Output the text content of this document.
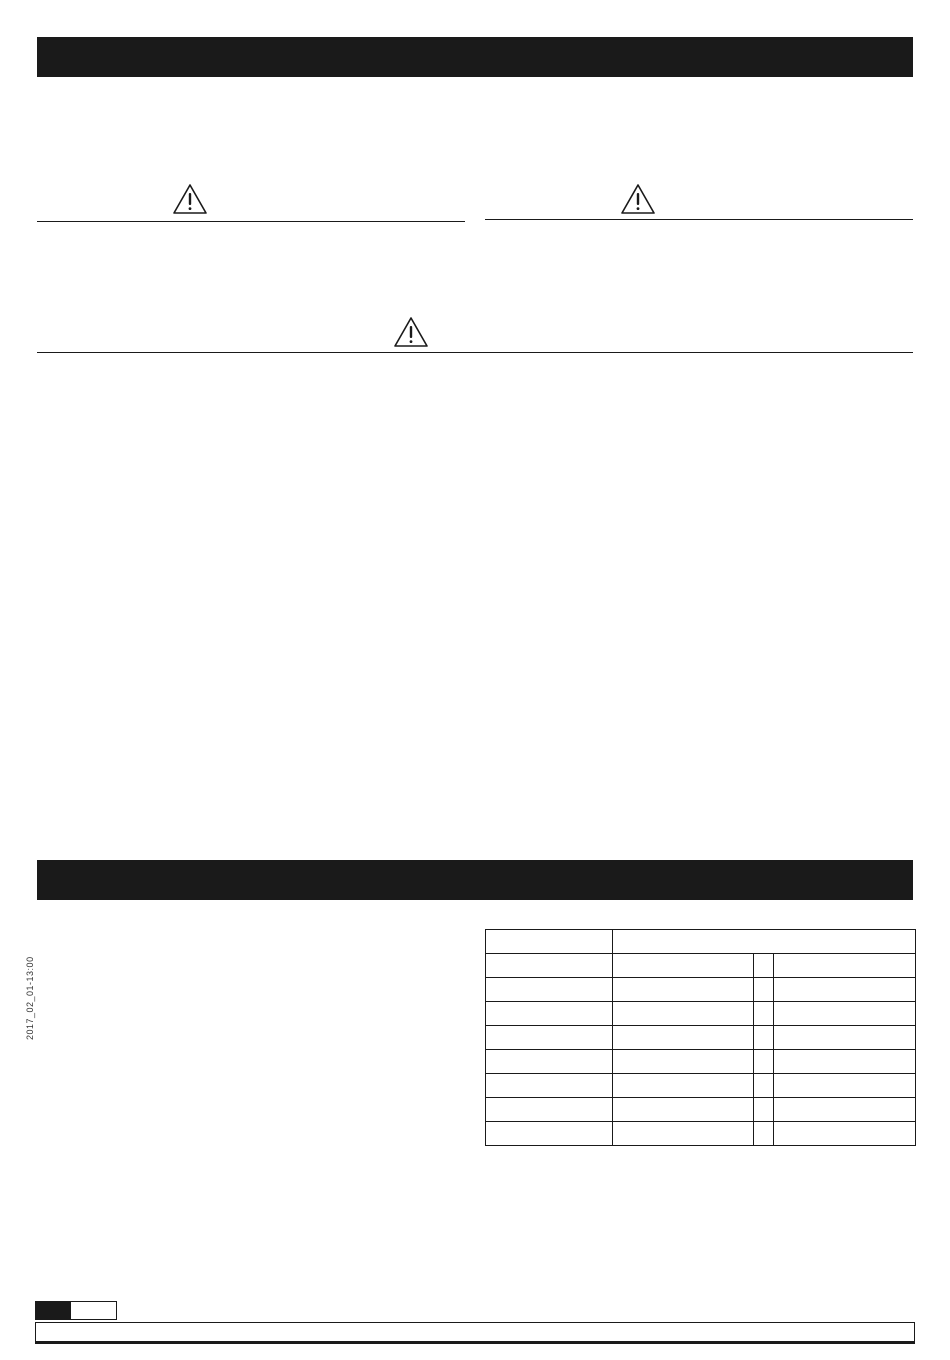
2017_02_01-13:00
